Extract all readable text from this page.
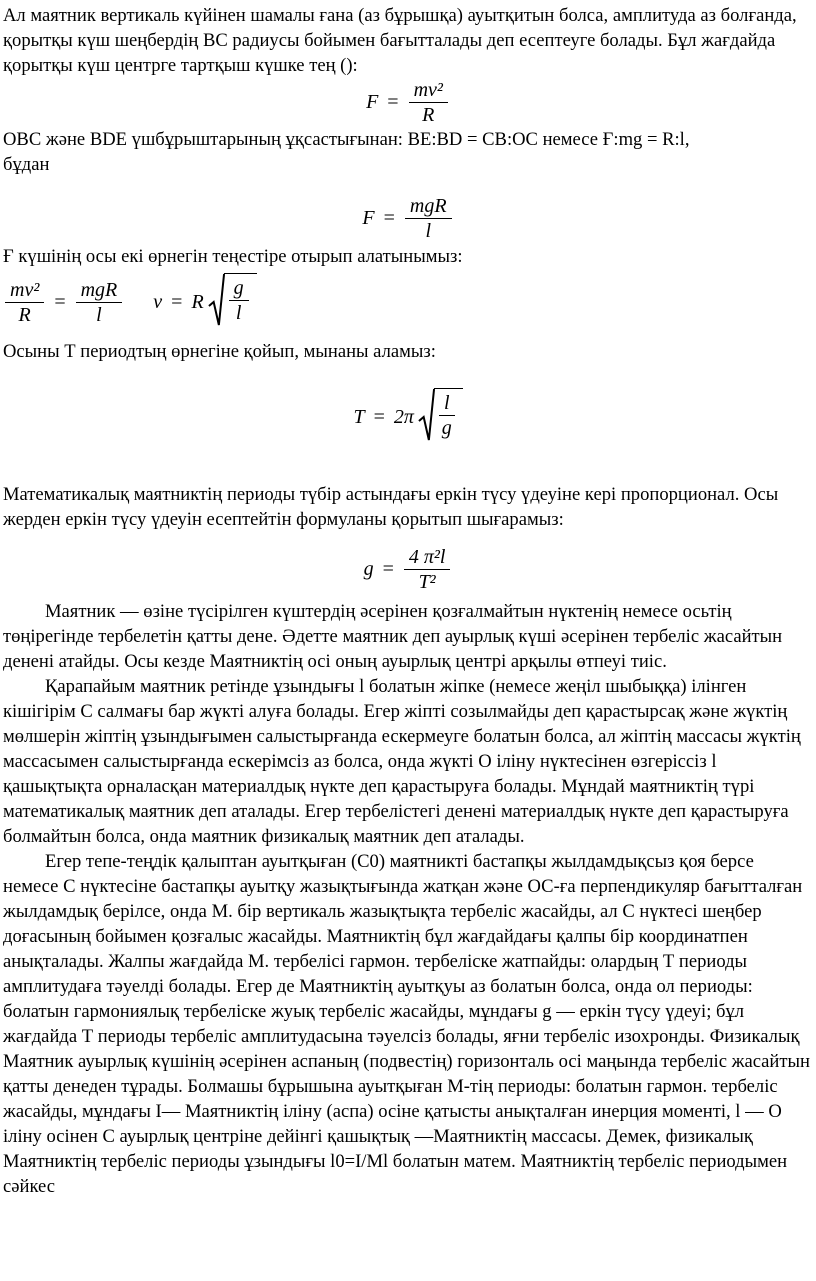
Ал маятник вертикаль күйінен шамалы ғана (аз бұрышқа) ауытқитын болса, амплитуда аз болғанда, қорытқы күш шеңбердің ВС радиусы бойымен бағытталады деп есептеуге болады. Бұл жағдайда қорытқы күш центрге тартқыш күшке тең ():

$F = \frac{\text{mv²}}{R}$

ОВС және BDE үшбұрыштарының ұқсастығынан: BE:BD = CB:OC немесе Ғ:mg = R:l,
бұдан

$F = \frac{\text{mgR}}{l}$

Ғ күшінің осы екі өрнегін теңестіре отырып алатынымыз:

$\frac{\text{mv²}}{R} = \frac{\text{mgR}}{l}$ v = R $\frac{g}{l}$

Осыны Т периодтың өрнегіне қойып, мынаны аламыз:

$T = 2\pi \frac{l}{g}$

Математикалық маятниктің периоды түбір астындағы еркін түсу үдеуіне кері пропорционал. Осы жерден еркін түсу үдеуін есептейтін формуланы қорытып шығарамыз:

$g = \frac{\text{4 π²l}}{\text{T²}}$

Маятник — өзіне түсірілген күштердің әсерінен қозғалмайтын нүктенің немесе осьтің төңірегінде тербелетін қатты дене. Әдетте маятник деп ауырлық күші әсерінен тербеліс жасайтын денені атайды. Осы кезде Маятниктің осі оның ауырлық центрі арқылы өтпеуі тиіс.

Қарапайым маятник ретінде ұзындығы l болатын жіпке (немесе жеңіл шыбыққа) ілінген кішігірім С салмағы бар жүкті алуға болады. Егер жіпті созылмайды деп қарастырсақ және жүктің мөлшерін жіптің ұзындығымен салыстырғанда ескермеуге болатын болса, ал жіптің массасы жүктің массасымен салыстырғанда ескерімсіз аз болса, онда жүкті О іліну нүктесінен өзгеріссіз l қашықтықта орналасқан материалдық нүкте деп қарастыруға болады. Мұндай маятниктің түрі математикалық маятник деп аталады. Егер тербелістегі денені материалдық нүкте деп қарастыруға болмайтын болса, онда маятник физикалық маятник деп аталады.

Егер тепе-теңдік қалыптан ауытқыған (С0) маятникті бастапқы жылдамдықсыз қоя берсе немесе С нүктесіне бастапқы ауытқу жазықтығында жатқан және ОС-ға перпендикуляр бағытталған жылдамдық берілсе, онда М. бір вертикаль жазықтықта тербеліс жасайды, ал С нүктесі шеңбер доғасының бойымен қозғалыс жасайды. Маятниктің бұл жағдайдағы қалпы бір координатпен анықталады. Жалпы жағдайда М. тербелісі гармон. тербеліске жатпайды: олардың Т периоды амплитудаға тәуелді болады. Егер де Маятниктің ауытқуы аз болатын болса, онда ол периоды: болатын гармониялық тербеліске жуық тербеліс жасайды, мұндағы g — еркін түсу үдеуі; бұл жағдайда Т периоды тербеліс амплитудасына тәуелсіз болады, яғни тербеліс изохронды. Физикалық Маятник ауырлық күшінің әсерінен аспаның (подвестің) горизонталь осі маңында тербеліс жасайтын қатты денеден тұрады. Болмашы бұрышына ауытқыған М-тің периоды: болатын гармон. тербеліс жасайды, мұндағы I— Маятниктің іліну (аспа) осіне қатысты анықталған инерция моменті, l — О іліну осінен С ауырлық центріне дейінгі қашықтық —Маятниктің массасы. Демек, физикалық Маятниктің тербеліс периоды ұзындығы l0=I/Ml болатын матем. Маятниктің тербеліс периодымен сәйкес
